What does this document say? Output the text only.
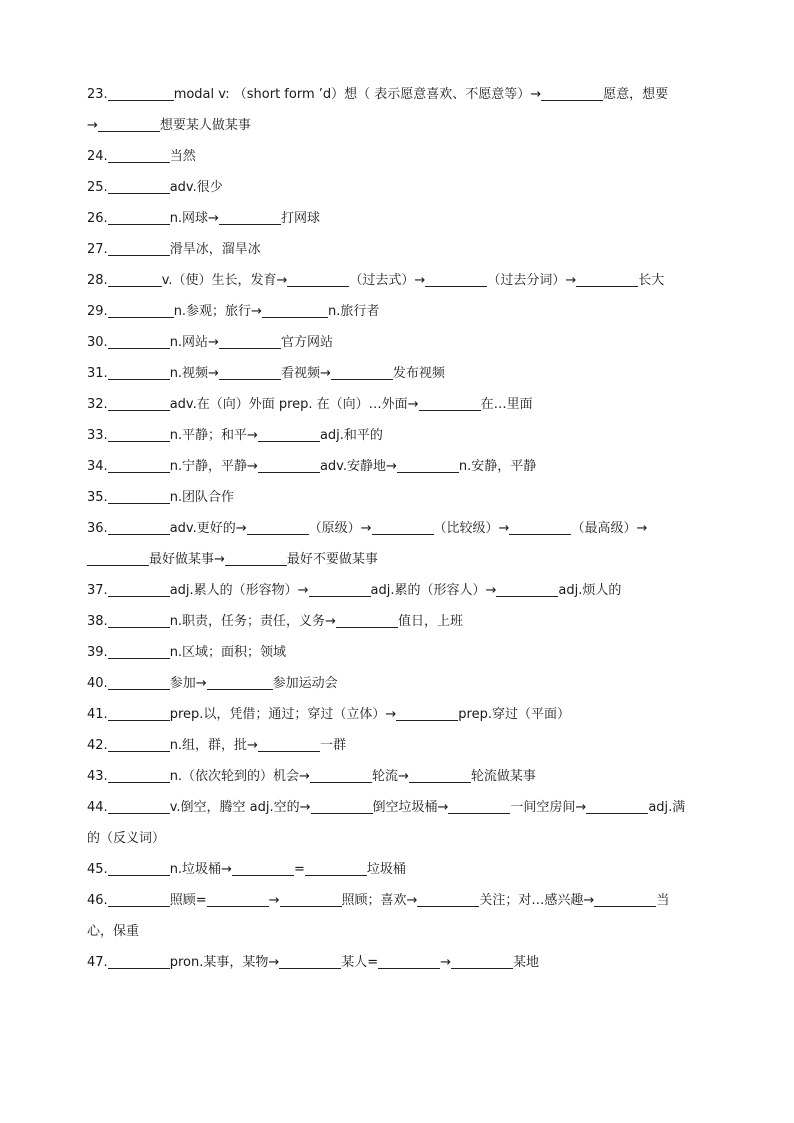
23.	modal v: （short form ’d）想（ 表示愿意喜欢、不愿意等）→	愿意，想要
→	想要某人做某事
24.	当然
25.	adv.很少
26.	n.网球→	打网球
27.	滑旱冰，溜旱冰
28.	v.（使）生长，发育→	（过去式）→	（过去分词）→	长大
29.	n.参观；旅行→	n.旅行者
30.	n.网站→	官方网站
31.	n.视频→	看视频→	发布视频
32.	adv.在（向）外面 prep. 在（向）…外面→	在…里面
33.	n.平静；和平→	adj.和平的
34.	n.宁静，平静→	adv.安静地→	n.安静，平静
35.	n.团队合作
36.	adv.更好的→	（原级）→	（比较级）→	（最高级）→
最好做某事→	最好不要做某事
37.	adj.累人的（形容物）→	adj.累的（形容人）→	adj.烦人的
38.	n.职责，任务；责任，义务→	值日，上班
39.	n.区域；面积；领域
40.	参加→	参加运动会
41.	prep.以，凭借；通过；穿过（立体）→	prep.穿过（平面）
42.	n.组，群，批→	一群
43.	n.（依次轮到的）机会→	轮流→	轮流做某事
44.	v.倒空，腾空 adj.空的→	倒空垃圾桶→	一间空房间→	adj.满
的（反义词）
45.	n.垃圾桶→	=	垃圾桶
46.	照顾=	→	照顾；喜欢→	关注；对…感兴趣→	当
心，保重
47.	pron.某事，某物→	某人=	→	某地
